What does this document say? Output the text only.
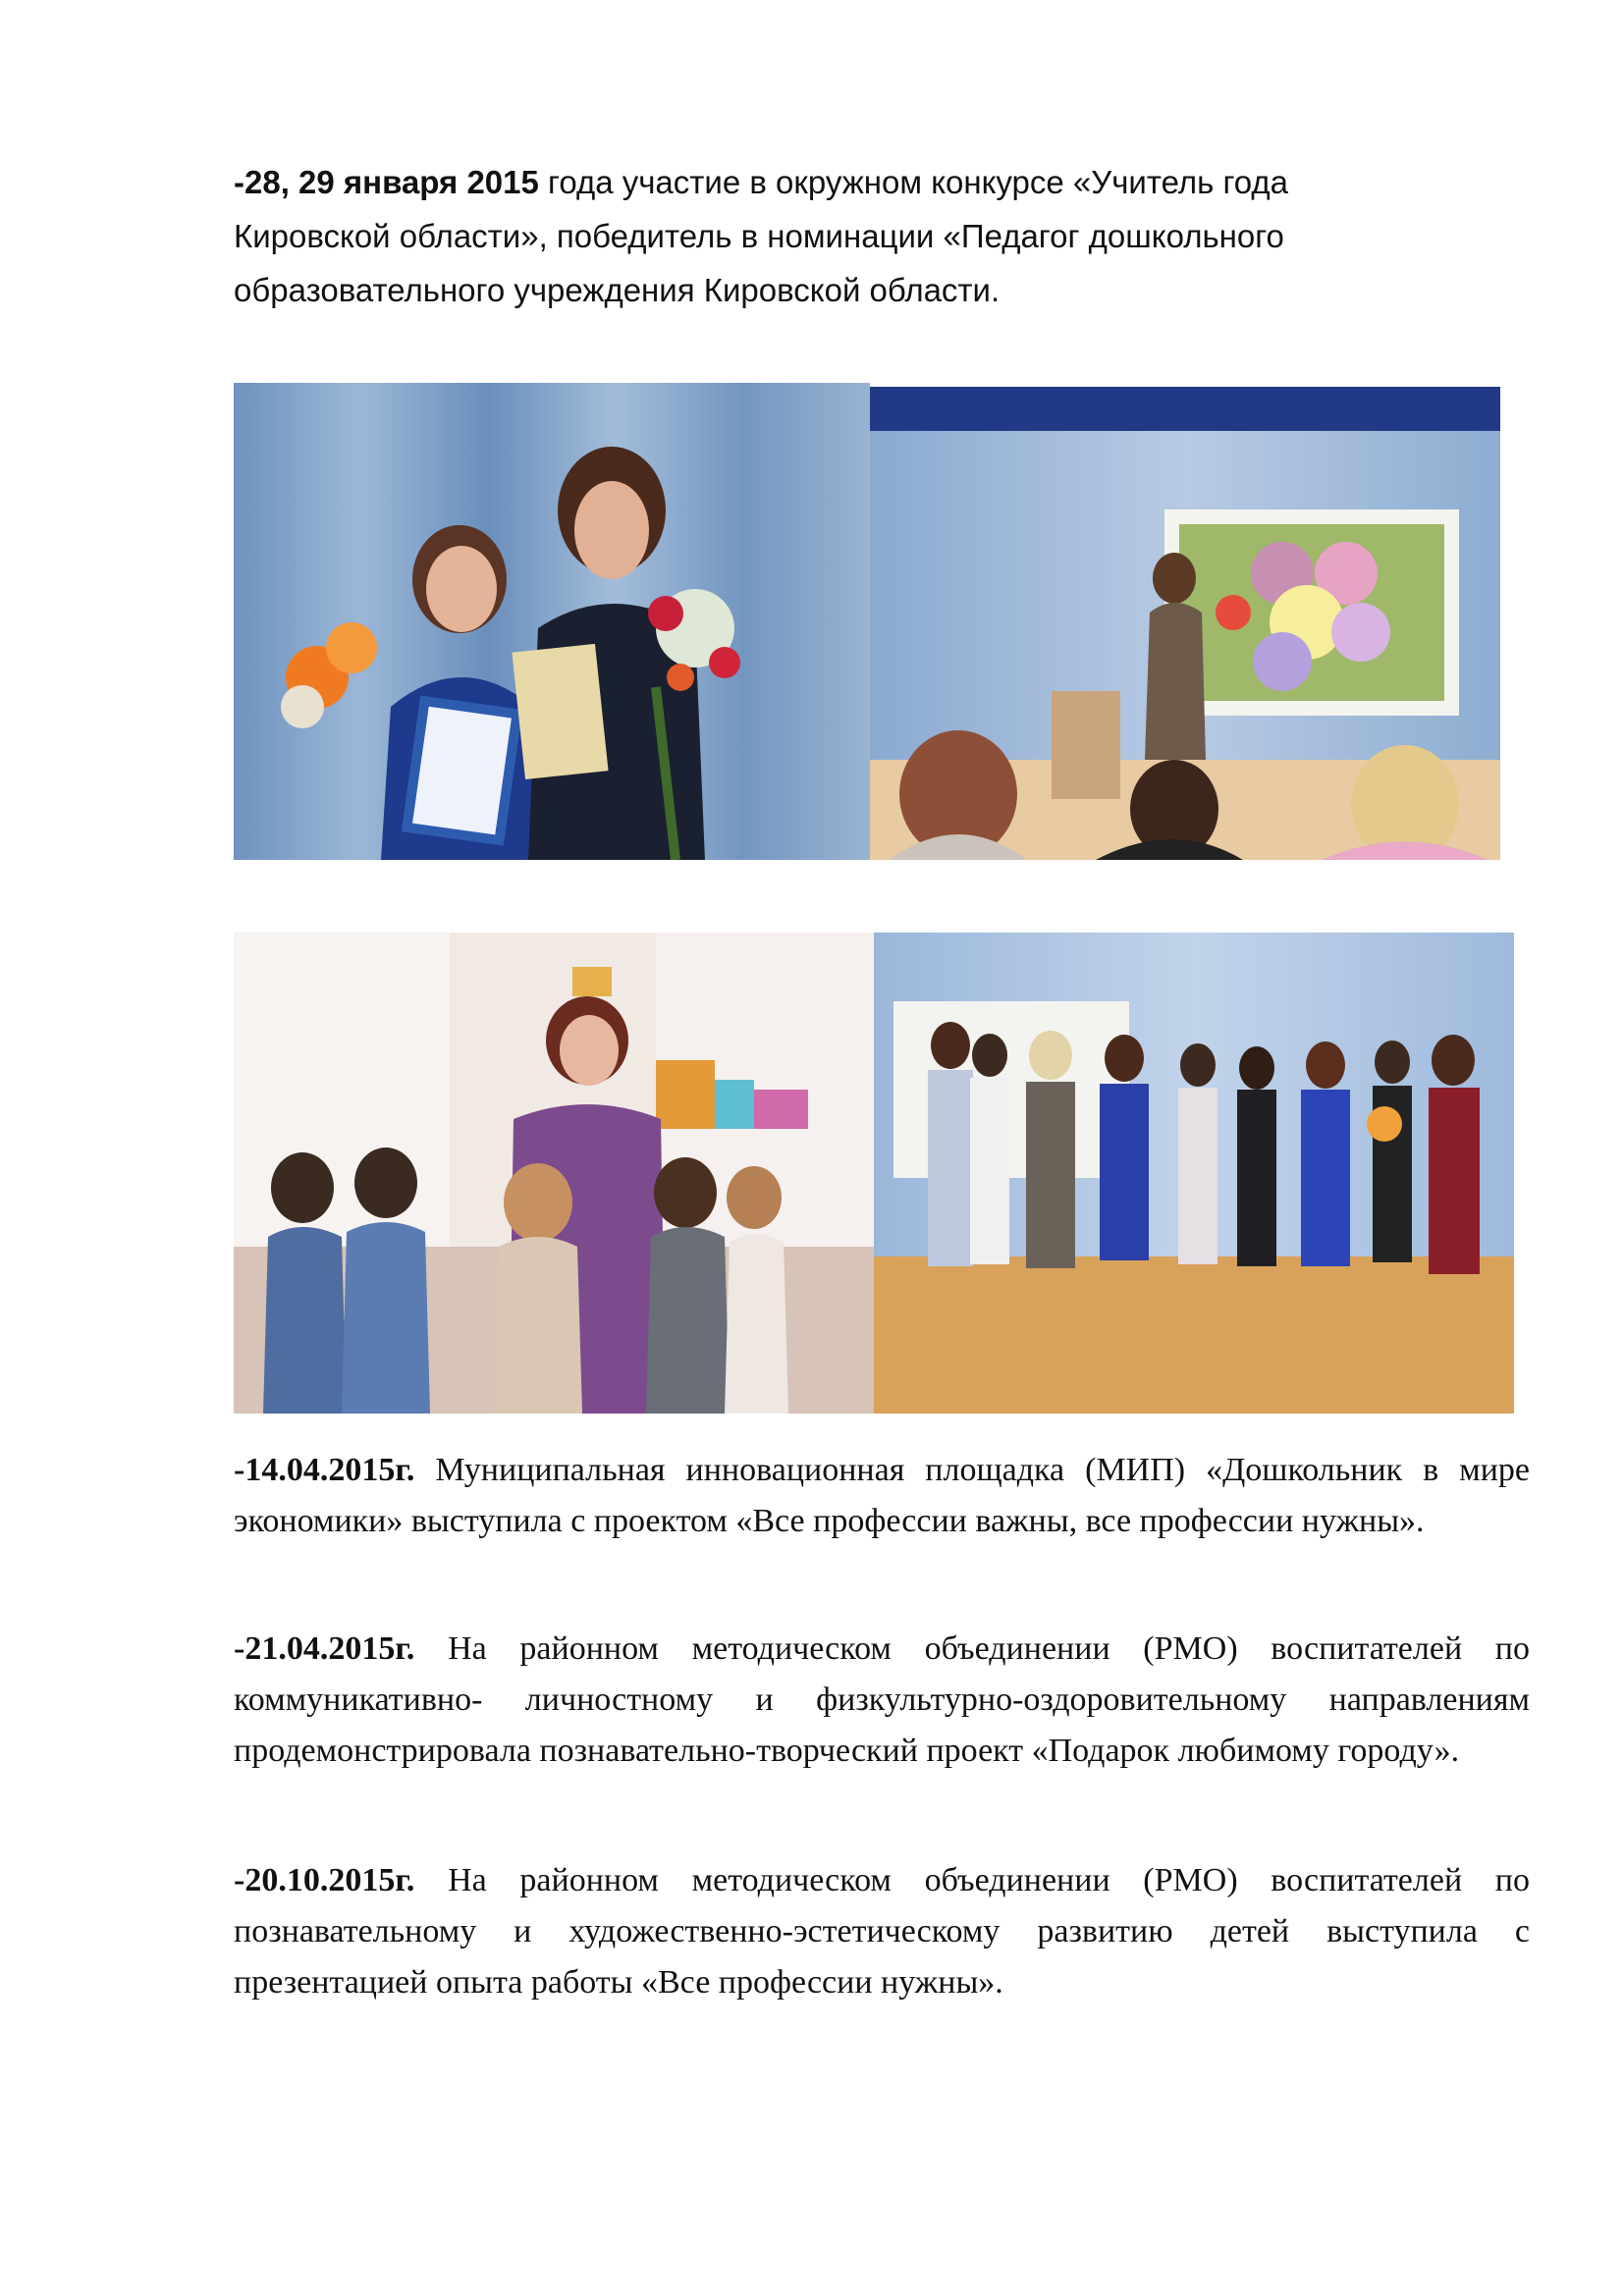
-28, 29 января 2015 года участие в окружном конкурсе «Учитель года Кировской области», победитель в номинации «Педагог дошкольного образовательного учреждения Кировской области.

-14.04.2015г. Муниципальная инновационная площадка (МИП) «Дошкольник в мире экономики» выступила с проектом «Все профессии важны, все профессии нужны».

-21.04.2015г. На районном методическом объединении (РМО) воспитателей по коммуникативно- личностному и физкультурно-оздоровительному направлениям продемонстрировала познавательно-творческий проект «Подарок любимому городу».

-20.10.2015г. На районном методическом объединении (РМО) воспитателей по познавательному и художественно-эстетическому развитию детей выступила с презентацией опыта работы «Все профессии нужны».
